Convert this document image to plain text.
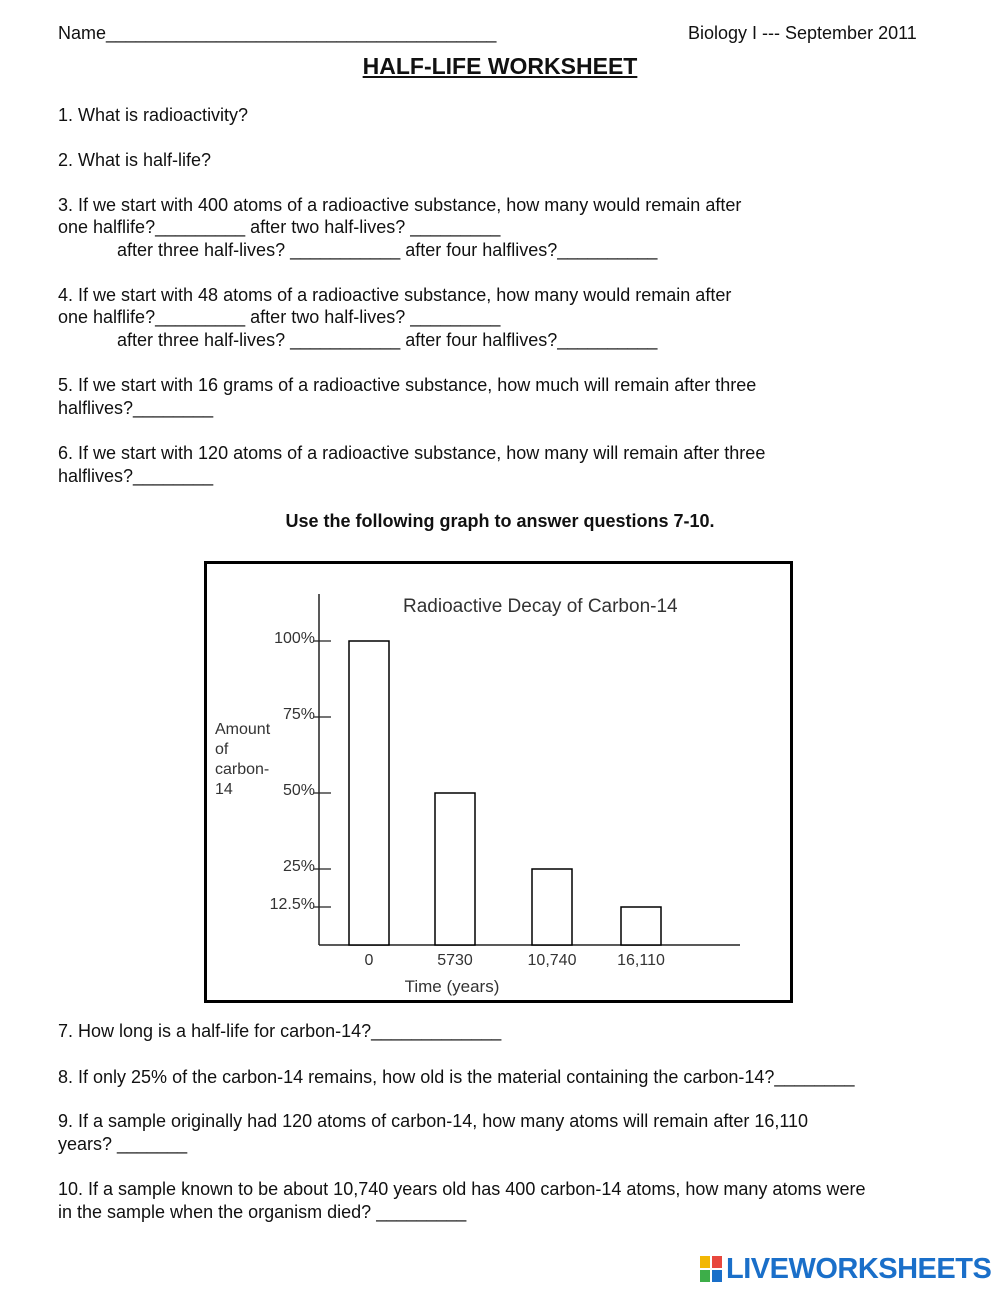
Name_______________________________________	Biology I --- September 2011
HALF-LIFE WORKSHEET
1. What is radioactivity?
2. What is half-life?
3. If we start with 400 atoms of a radioactive substance, how many would remain after
one halflife?_________ after two half-lives? _________
after three half-lives? ___________ after four halflives?__________
4. If we start with 48 atoms of a radioactive substance, how many would remain after
one halflife?_________ after two half-lives? _________
after three half-lives? ___________ after four halflives?__________
5. If we start with 16 grams of a radioactive substance, how much will remain after three
halflives?________
6. If we start with 120 atoms of a radioactive substance, how many will remain after three
halflives?________
Use the following graph to answer questions 7-10.
Radioactive Decay of Carbon-14
100%
75%
50%
25%
12.5%
Amount
of
carbon-
14
0	5730	10,740	16,110
Time (years)
7. How long is a half-life for carbon-14?_____________
8. If only 25% of the carbon-14 remains, how old is the material containing the carbon-14?________
9. If a sample originally had 120 atoms of carbon-14, how many atoms will remain after 16,110
years? _______
10. If a sample known to be about 10,740 years old has 400 carbon-14 atoms, how many atoms were
in the sample when the organism died? _________
LIVEWORKSHEETS
